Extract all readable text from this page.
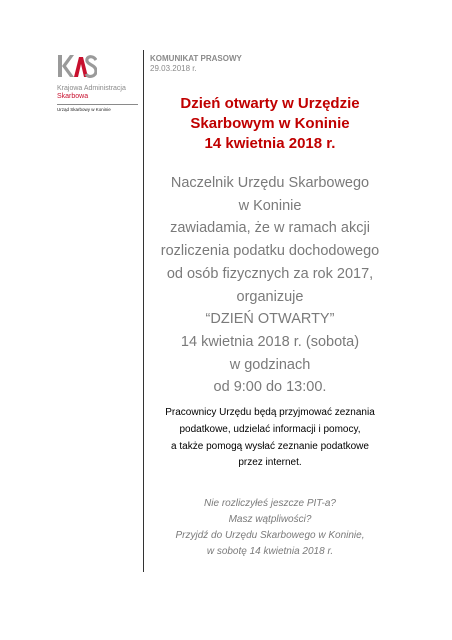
Krajowa Administracja
Skarbowa
Urząd Skarbowy w Koninie
KOMUNIKAT PRASOWY
29.03.2018 r.
Dzień otwarty w Urzędzie
Skarbowym w Koninie
14 kwietnia 2018 r.
Naczelnik Urzędu Skarbowego
w Koninie
zawiadamia, że w ramach akcji
rozliczenia podatku dochodowego
od osób fizycznych za rok 2017,
organizuje
“DZIEŃ OTWARTY”
14 kwietnia 2018 r. (sobota)
w godzinach
od 9:00 do 13:00.
Pracownicy Urzędu będą przyjmować zeznania
podatkowe, udzielać informacji i pomocy,
a także pomogą wysłać zeznanie podatkowe
przez internet.
Nie rozliczyłeś jeszcze PIT-a?
Masz wątpliwości?
Przyjdź do Urzędu Skarbowego w Koninie,
w sobotę 14 kwietnia 2018 r.
